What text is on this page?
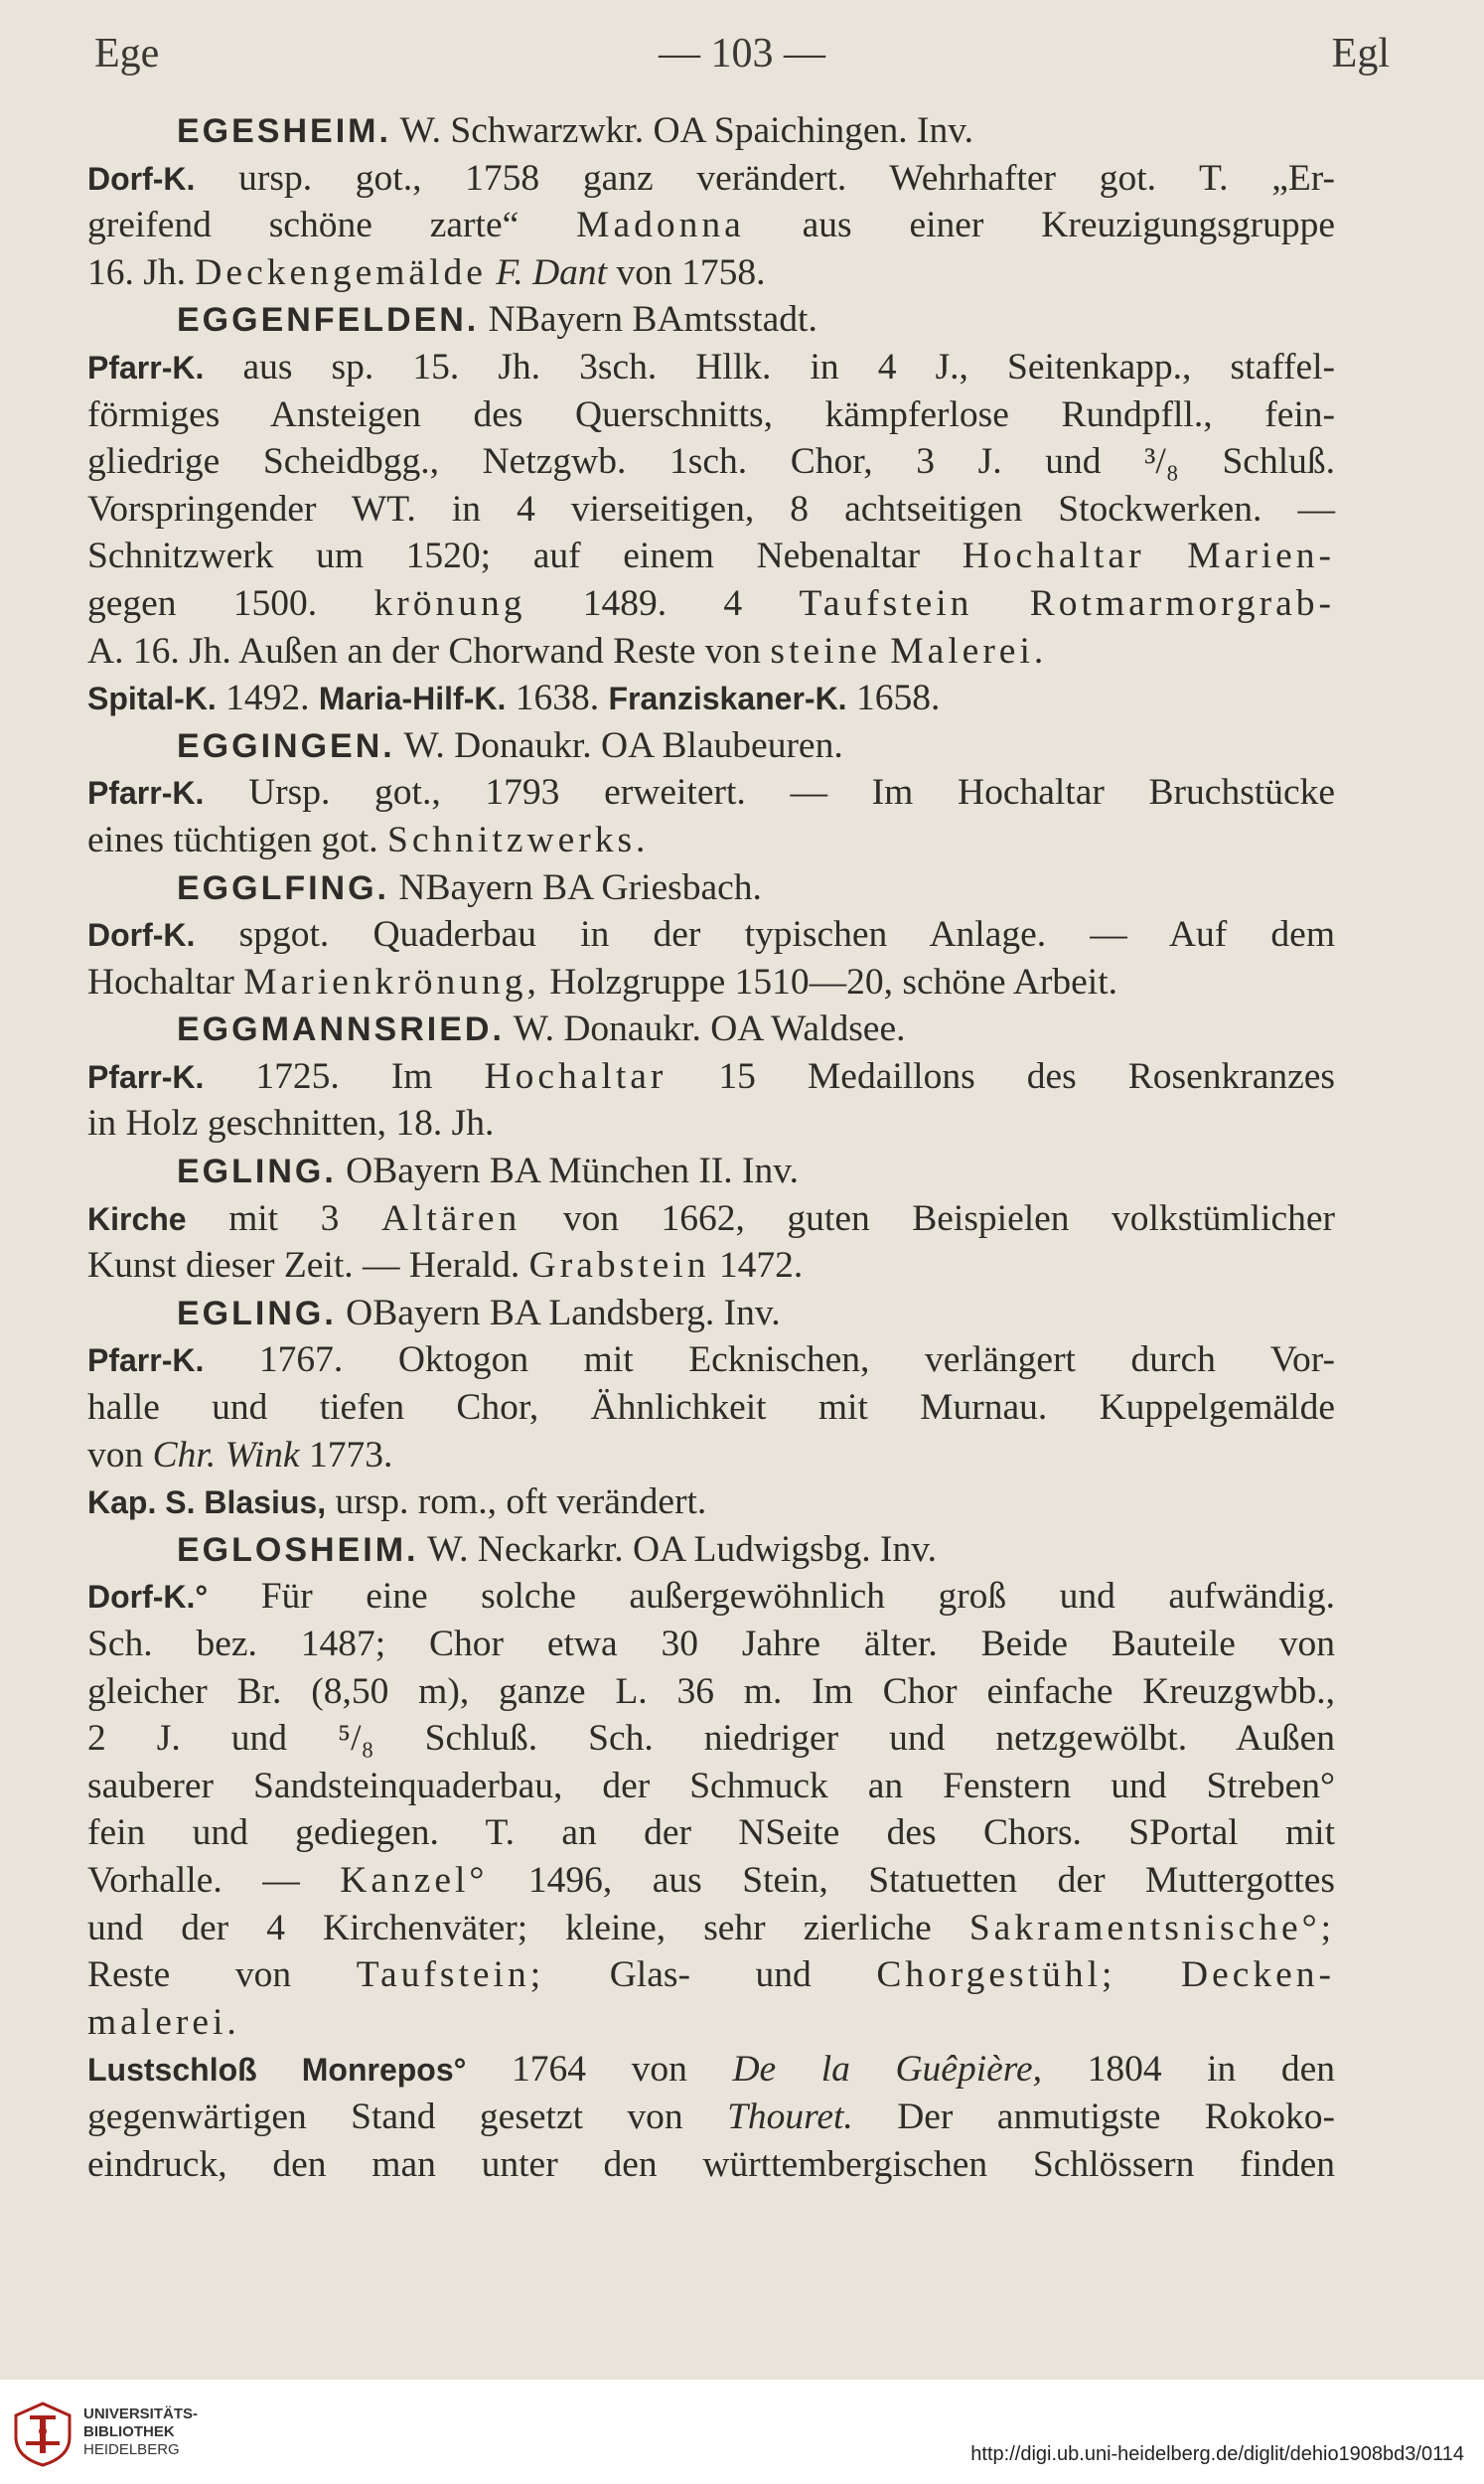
Ege	— 103 —	Egl
EGESHEIM. W. Schwarzwkr. OA Spaichingen. Inv.
Dorf-K. ursp. got., 1758 ganz verändert. Wehrhafter got. T. „Er-
greifend schöne zarte“ Madonna aus einer Kreuzigungsgruppe
16. Jh. Deckengemälde F. Dant von 1758.
EGGENFELDEN. NBayern BAmtsstadt.
Pfarr-K. aus sp. 15. Jh. 3sch. Hllk. in 4 J., Seitenkapp., staffel-
förmiges Ansteigen des Querschnitts, kämpferlose Rundpfll., fein-
gliedrige Scheidbgg., Netzgwb. 1sch. Chor, 3 J. und ³/₈ Schluß.
Vorspringender WT. in 4 vierseitigen, 8 achtseitigen Stockwerken. —
Schnitzwerk um 1520; auf einem Nebenaltar Hochaltar Marien-
gegen 1500. krönung 1489. 4 Taufstein Rotmarmorgrab-
A. 16. Jh. Außen an der Chorwand Reste von steine Malerei.
Spital-K. 1492. Maria-Hilf-K. 1638. Franziskaner-K. 1658.
EGGINGEN. W. Donaukr. OA Blaubeuren.
Pfarr-K. Ursp. got., 1793 erweitert. — Im Hochaltar Bruchstücke
eines tüchtigen got. Schnitzwerks.
EGGLFING. NBayern BA Griesbach.
Dorf-K. spgot. Quaderbau in der typischen Anlage. — Auf dem
Hochaltar Marienkrönung, Holzgruppe 1510—20, schöne Arbeit.
EGGMANNSRIED. W. Donaukr. OA Waldsee.
Pfarr-K. 1725. Im Hochaltar 15 Medaillons des Rosenkranzes
in Holz geschnitten, 18. Jh.
EGLING. OBayern BA München II. Inv.
Kirche mit 3 Altären von 1662, guten Beispielen volkstümlicher
Kunst dieser Zeit. — Herald. Grabstein 1472.
EGLING. OBayern BA Landsberg. Inv.
Pfarr-K. 1767. Oktogon mit Ecknischen, verlängert durch Vor-
halle und tiefen Chor, Ähnlichkeit mit Murnau. Kuppelgemälde
von Chr. Wink 1773.
Kap. S. Blasius, ursp. rom., oft verändert.
EGLOSHEIM. W. Neckarkr. OA Ludwigsbg. Inv.
Dorf-K.° Für eine solche außergewöhnlich groß und aufwändig.
Sch. bez. 1487; Chor etwa 30 Jahre älter. Beide Bauteile von
gleicher Br. (8,50 m), ganze L. 36 m. Im Chor einfache Kreuzgwbb.,
2 J. und ⁵/₈ Schluß. Sch. niedriger und netzgewölbt. Außen
sauberer Sandsteinquaderbau, der Schmuck an Fenstern und Streben°
fein und gediegen. T. an der NSeite des Chors. SPortal mit
Vorhalle. — Kanzel° 1496, aus Stein, Statuetten der Muttergottes
und der 4 Kirchenväter; kleine, sehr zierliche Sakramentsnische°;
Reste von Taufstein; Glas- und Chorgestühl; Decken-
malerei.
Lustschloß Monrepos° 1764 von De la Guêpière, 1804 in den
gegenwärtigen Stand gesetzt von Thouret. Der anmutigste Rokoko-
eindruck, den man unter den württembergischen Schlössern finden
UNIVERSITÄTS-
BIBLIOTHEK
HEIDELBERG	http://digi.ub.uni-heidelberg.de/diglit/dehio1908bd3/0114
